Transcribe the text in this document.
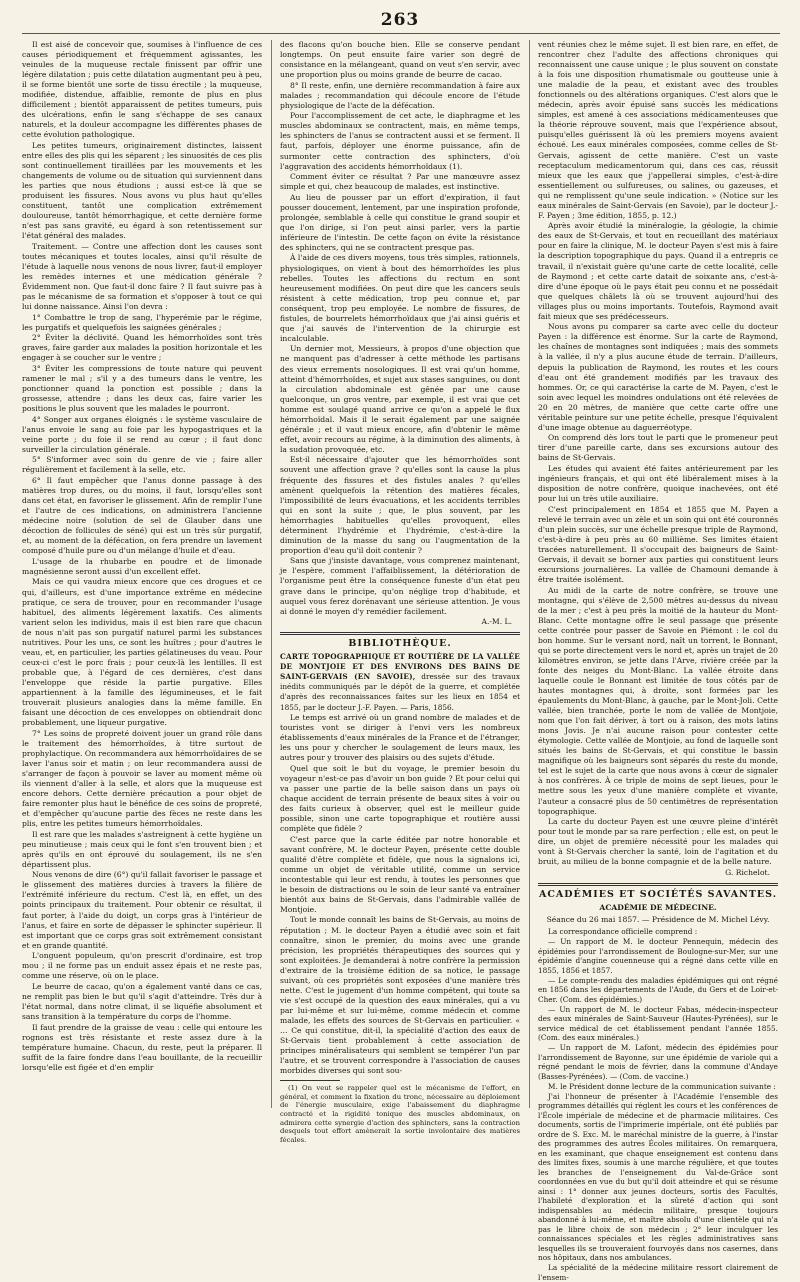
263

Il est aisé de concevoir que, soumises à l'influence de ces causes périodiquement et fréquemment agissantes, les veinules de la muqueuse rectale finissent par offrir une légère dilatation ; puis cette dilatation augmentant peu à peu, il se forme bientôt une sorte de tissu érectile ; la muqueuse, modifiée, distendue, affaiblie, remonte de plus en plus difficilement ; bientôt apparaissent de petites tumeurs, puis des ulcérations, enfin le sang s'échappe de ses canaux naturels, et la douleur accompagne les différentes phases de cette évolution pathologique.

Les petites tumeurs, originairement distinctes, laissent entre elles des plis qui les séparent ; les sinuosités de ces plis sont continuellement tiraillées par les mouvements et les changements de volume ou de situation qui surviennent dans les parties que nous étudions ; aussi est-ce là que se produisent les fissures. Nous avons vu plus haut qu'elles constituent, tantôt une complication extrêmement douloureuse, tantôt hémorrhagique, et cette dernière forme n'est pas sans gravité, eu égard à son retentissement sur l'état général des malades.

Traitement. — Contre une affection dont les causes sont toutes mécaniques et toutes locales, ainsi qu'il résulte de l'étude à laquelle nous venons de nous livrer, faut-il employer les remèdes internes et une médication générale ? Évidemment non. Que faut-il donc faire ? Il faut suivre pas à pas le mécanisme de sa formation et s'opposer à tout ce qui lui donne naissance. Ainsi l'on devra :

1° Combattre le trop de sang, l'hyperémie par le régime, les purgatifs et quelquefois les saignées générales ;

2° Éviter la déclivité. Quand les hémorrhoïdes sont très graves, faire garder aux malades la position horizontale et les engager à se coucher sur le ventre ;

3° Éviter les compressions de toute nature qui peuvent ramener le mal ; s'il y a des tumeurs dans le ventre, les ponctionner quand la ponction est possible ; dans la grossesse, attendre ; dans les deux cas, faire varier les positions le plus souvent que les malades le pourront.

4° Songer aux organes éloignés : le système vasculaire de l'anus envoie le sang au foie par les hypogastriques et la veine porte ; du foie il se rend au cœur ; il faut donc surveiller la circulation générale.

5° S'informer avec soin du genre de vie ; faire aller régulièrement et facilement à la selle, etc.

6° Il faut empêcher que l'anus donne passage à des matières trop dures, ou du moins, il faut, lorsqu'elles sont dans cet état, en favoriser le glissement. Afin de remplir l'une et l'autre de ces indications, on administrera l'ancienne médecine noire (solution de sel de Glauber dans une décoction de follicules de séné) qui est un très sûr purgatif, et, au moment de la défécation, on fera prendre un lavement composé d'huile pure ou d'un mélange d'huile et d'eau.

L'usage de la rhubarbe en poudre et de limonade magnésienne seront aussi d'un excellent effet.

Mais ce qui vaudra mieux encore que ces drogues et ce qui, d'ailleurs, est d'une importance extrême en médecine pratique, ce sera de trouver, pour en recommander l'usage habituel, des aliments légèrement laxatifs. Ces aliments varient selon les individus, mais il est bien rare que chacun de nous n'ait pas son purgatif naturel parmi les substances nutritives. Pour les uns, ce sont les huîtres ; pour d'autres le veau, et, en particulier, les parties gélatineuses du veau. Pour ceux-ci c'est le porc frais ; pour ceux-là les lentilles. Il est probable que, à l'égard de ces dernières, c'est dans l'enveloppe que réside la partie purgative. Elles appartiennent à la famille des légumineuses, et le fait trouverait plusieurs analogies dans la même famille. En faisant une décoction de ces enveloppes on obtiendrait donc probablement, une liqueur purgative.

7° Les soins de propreté doivent jouer un grand rôle dans le traitement des hémorrhoïdes, à titre surtout de prophylactique. On recommandera aux hémorrhoïdaires de se laver l'anus soir et matin ; on leur recommandera aussi de s'arranger de façon à pouvoir se laver au moment même où ils viennent d'aller à la selle, et alors que la muqueuse est encore dehors. Cette dernière précaution a pour objet de faire remonter plus haut le bénéfice de ces soins de propreté, et d'empêcher qu'aucune partie des fèces ne reste dans les plis, entre les petites tumeurs hémorrhoïdales.

Il est rare que les malades s'astreignent à cette hygiène un peu minutieuse ; mais ceux qui le font s'en trouvent bien ; et après qu'ils en ont éprouvé du soulagement, ils ne s'en départissent plus.

Nous venons de dire (6°) qu'il fallait favoriser le passage et le glissement des matières durcies à travers la filière de l'extrémité inférieure du rectum. C'est là, en effet, un des points principaux du traitement. Pour obtenir ce résultat, il faut porter, à l'aide du doigt, un corps gras à l'intérieur de l'anus, et faire en sorte de dépasser le sphincter supérieur. Il est important que ce corps gras soit extrêmement consistant et en grande quantité.

L'onguent populeum, qu'on prescrit d'ordinaire, est trop mou ; il ne forme pas un enduit assez épais et ne reste pas, comme une réserve, où on le place.

Le beurre de cacao, qu'on a également vanté dans ce cas, ne remplit pas bien le but qu'il s'agit d'atteindre. Très dur à l'état normal, dans notre climat, il se liquéfie absolument et sans transition à la température du corps de l'homme.

Il faut prendre de la graisse de veau : celle qui entoure les rognons est très résistante et reste assez dure à la température humaine. Chacun, du reste, peut la préparer. Il suffit de la faire fondre dans l'eau bouillante, de la recueillir lorsqu'elle est figée et d'en emplir

des flacons qu'on bouche bien. Elle se conserve pendant longtemps. On peut ensuite faire varier son degré de consistance en la mélangeant, quand on veut s'en servir, avec une proportion plus ou moins grande de beurre de cacao.

8° Il reste, enfin, une dernière recommandation à faire aux malades ; recommandation qui découle encore de l'étude physiologique de l'acte de la défécation.

Pour l'accomplissement de cet acte, le diaphragme et les muscles abdominaux se contractent, mais, en même temps, les sphincters de l'anus se contractent aussi et se ferment. Il faut, parfois, déployer une énorme puissance, afin de surmonter cette contraction des sphincters, d'où l'aggravation des accidents hémorrhoïdaux (1).

Comment éviter ce résultat ? Par une manœuvre assez simple et qui, chez beaucoup de malades, est instinctive.

Au lieu de pousser par un effort d'expiration, il faut pousser doucement, lentement, par une inspiration profonde, prolongée, semblable à celle qui constitue le grand soupir et que l'on dirige, si l'on peut ainsi parler, vers la partie inférieure de l'intestin. De cette façon on évite la résistance des sphincters, qui ne se contractent presque pas.

À l'aide de ces divers moyens, tous très simples, rationnels, physiologiques, on vient à bout des hémorrhoïdes les plus rebelles. Toutes les affections du rectum en sont heureusement modifiées. On peut dire que les cancers seuls résistent à cette médication, trop peu connue et, par conséquent, trop peu employée. Le nombre de fissures, de fistules, de bourrelets hémorrhoïdaux que j'ai ainsi guéris et que j'ai sauvés de l'intervention de la chirurgie est incalculable.

Un dernier mot, Messieurs, à propos d'une objection que ne manquent pas d'adresser à cette méthode les partisans des vieux errements nosologiques. Il est vrai qu'un homme, atteint d'hémorrhoïdes, et sujet aux stases sanguines, ou dont la circulation abdominale est gênée par une cause quelconque, un gros ventre, par exemple, il est vrai que cet homme est soulagé quand arrive ce qu'on a appelé le flux hémorrhoïdal. Mais il le serait également par une saignée générale ; et il vaut mieux encore, afin d'obtenir le même effet, avoir recours au régime, à la diminution des aliments, à la sudation provoquée, etc.

Est-il nécessaire d'ajouter que les hémorrhoïdes sont souvent une affection grave ? qu'elles sont la cause la plus fréquente des fissures et des fistules anales ? qu'elles amènent quelquefois la rétention des matières fécales, l'impossibilité de leurs évacuations, et les accidents terribles qui en sont la suite ; que, le plus souvent, par les hémorrhagies habituelles qu'elles provoquent, elles déterminent l'hydrémie et l'hydrémie, c'est-à-dire la diminution de la masse du sang ou l'augmentation de la proportion d'eau qu'il doit contenir ?

Sans que j'insiste davantage, vous comprenez maintenant, je l'espère, comment l'affaiblissement, la détérioration de l'organisme peut être la conséquence funeste d'un état peu grave dans le principe, qu'on néglige trop d'habitude, et auquel vous ferez dorénavant une sérieuse attention. Je vous ai donné le moyen d'y remédier facilement.

A.-M. L.

BIBLIOTHÈQUE.

CARTE TOPOGRAPHIQUE ET ROUTIÈRE DE LA VALLÉE DE MONTJOIE ET DES ENVIRONS DES BAINS DE SAINT-GERVAIS (EN SAVOIE), dressée sur des travaux inédits communiqués par le dépôt de la guerre, et complétée d'après des reconnaissances faites sur les lieux en 1854 et 1855, par le docteur J.-F. Payen. — Paris, 1856.

Le temps est arrivé où un grand nombre de malades et de touristes vont se diriger à l'envi vers les nombreux établissements d'eaux minérales de la France et de l'étranger, les uns pour y chercher le soulagement de leurs maux, les autres pour y trouver des plaisirs ou des sujets d'étude.

Quel que soit le but du voyage, le premier besoin du voyageur n'est-ce pas d'avoir un bon guide ? Et pour celui qui va passer une partie de la belle saison dans un pays où chaque accident de terrain présente de beaux sites à voir ou des faits curieux à observer, quel est le meilleur guide possible, sinon une carte topographique et routière aussi complète que fidèle ?

C'est parce que la carte éditée par notre honorable et savant confrère, M. le docteur Payen, présente cette double qualité d'être complète et fidèle, que nous la signalons ici, comme un objet de véritable utilité, comme un service incontestable qui leur est rendu, à toutes les personnes que le besoin de distractions ou le soin de leur santé va entraîner bientôt aux bains de St-Gervais, dans l'admirable vallée de Montjoie.

Tout le monde connaît les bains de St-Gervais, au moins de réputation ; M. le docteur Payen a étudié avec soin et fait connaître, sinon le premier, du moins avec une grande précision, les propriétés thérapeutiques des sources qui y sont exploitées. Je demanderai à notre confrère la permission d'extraire de la troisième édition de sa notice, le passage suivant, où ces propriétés sont exposées d'une manière très nette. C'est le jugement d'un homme compétent, qui toute sa vie s'est occupé de la question des eaux minérales, qui a vu par lui-même et sur lui-même, comme médecin et comme malade, les effets des sources de St-Gervais en particulier. « … Ce qui constitue, dit-il, la spécialité d'action des eaux de St-Gervais tient probablement à cette association de principes minéralisateurs qui semblent se tempérer l'un par l'autre, et se trouvent correspondre à l'association de causes morbides diverses qui sont sou-

(1) On veut se rappeler quel est le mécanisme de l'effort, en général, et comment la fixation du tronc, nécessaire au déploiement de l'énergie musculaire, exige l'abaissement du diaphragme contracté et la rigidité tonique des muscles abdominaux, on admirera cette synergie d'action des sphincters, sans la contraction desquels tout effort amènerait la sortie involontaire des matières fécales.

vent réunies chez le même sujet. Il est bien rare, en effet, de rencontrer chez l'adulte des affections chroniques qui reconnaissent une cause unique ; le plus souvent on constate à la fois une disposition rhumatismale ou goutteuse unie à une maladie de la peau, et existant avec des troubles fonctionnels ou des altérations organiques. C'est alors que le médecin, après avoir épuisé sans succès les médications simples, est amené à ces associations médicamenteuses que la théorie réprouve souvent, mais que l'expérience absout, puisqu'elles guérissent là où les premiers moyens avaient échoué. Les eaux minérales composées, comme celles de St-Gervais, agissent de cette manière. C'est un vaste receptaculum medicamentorum qui, dans ces cas, réussit mieux que les eaux que j'appellerai simples, c'est-à-dire essentiellement ou sulfureuses, ou salines, ou gazeuses, et qui ne remplissent qu'une seule indication. » (Notice sur les eaux minérales de Saint-Gervais (en Savoie), par le docteur J.-F. Payen ; 3me édition, 1855, p. 12.)

Après avoir étudié la minéralogie, la géologie, la chimie des eaux de St-Gervais, et tout en recueillant des matériaux pour en faire la clinique, M. le docteur Payen s'est mis à faire la description topographique du pays. Quand il a entrepris ce travail, il n'existait guère qu'une carte de cette localité, celle de Raymond ; et cette carte datait de soixante ans, c'est-à-dire d'une époque où le pays était peu connu et ne possédait que quelques châlets là où se trouvent aujourd'hui des villages plus ou moins importants. Toutefois, Raymond avait fait mieux que ses prédécesseurs.

Nous avons pu comparer sa carte avec celle du docteur Payen : la différence est énorme. Sur la carte de Raymond, les chaînes de montagnes sont indiquées ; mais des sommets à la vallée, il n'y a plus aucune étude de terrain. D'ailleurs, depuis la publication de Raymond, les routes et les cours d'eau ont été grandement modifiés par les travaux des hommes. Or, ce qui caractérise la carte de M. Payen, c'est le soin avec lequel les moindres ondulations ont été relevées de 20 en 20 mètres, de manière que cette carte offre une véritable peinture sur une petite échelle, presque l'équivalent d'une image obtenue au daguerréotype.

On comprend dès lors tout le parti que le promeneur peut tirer d'une pareille carte, dans ses excursions autour des bains de St-Gervais.

Les études qui avaient été faites antérieurement par les ingénieurs français, et qui ont été libéralement mises à la disposition de notre confrère, quoique inachevées, ont été pour lui un très utile auxiliaire.

C'est principalement en 1854 et 1855 que M. Payen a relevé le terrain avec un zèle et un soin qui ont été couronnés d'un plein succès, sur une échelle presque triple de Raymond, c'est-à-dire à peu près au 60 millième. Ses limites étaient tracées naturellement. Il s'occupait des baigneurs de Saint-Gervais, il devait se borner aux parties qui constituent leurs excursions journalières. La vallée de Chamouni demande à être traitée isolément.

Au midi de la carte de notre confrère, se trouve une montagne, qui s'élève de 2,500 mètres au-dessus du niveau de la mer ; c'est à peu près la moitié de la hauteur du Mont-Blanc. Cette montagne offre le seul passage que présente cette contrée pour passer de Savoie en Piémont : le col du bon homme. Sur le versant nord, naît un torrent, le Bonnant, qui se porte directement vers le nord et, après un trajet de 20 kilomètres environ, se jette dans l'Arve, rivière créée par la fonte des neiges du Mont-Blanc. La vallée étroite dans laquelle coule le Bonnant est limitée de tous côtés par de hautes montagnes qui, à droite, sont formées par les épaulements du Mont-Blanc, à gauche, par le Mont-Joli. Cette vallée, bien tranchée, porte le nom de vallée de Montjoie, nom que l'on fait dériver, à tort ou à raison, des mots latins mons Jovis. Je n'ai aucune raison pour contester cette étymologie. Cette vallée de Montjoie, au fond de laquelle sont situés les bains de St-Gervais, et qui constitue le bassin magnifique où les baigneurs sont séparés du reste du monde, tel est le sujet de la carte que nous avons à cœur de signaler à nos confrères. À ce triple de moins de sept lieues, pour le mettre sous les yeux d'une manière complète et vivante, l'auteur a consacré plus de 50 centimètres de représentation topographique.

La carte du docteur Payen est une œuvre pleine d'intérêt pour tout le monde par sa rare perfection ; elle est, on peut le dire, un objet de première nécessité pour les malades qui vont à St-Gervais chercher la santé, loin de l'agitation et du bruit, au milieu de la bonne compagnie et de la belle nature.

G. Richelot.

ACADÉMIES ET SOCIÉTÉS SAVANTES.
ACADÉMIE DE MÉDECINE.
Séance du 26 mai 1857. — Présidence de M. Michel Lévy.

La correspondance officielle comprend :

— Un rapport de M. le docteur Pennequin, médecin des épidémies pour l'arrondissement de Boulogne-sur-Mer, sur une épidémie d'angine couenneuse qui a régné dans cette ville en 1855, 1856 et 1857.

— Le compte-rendu des maladies épidémiques qui ont régné en 1856 dans les départements de l'Aude, du Gers et de Loir-et-Cher. (Com. des épidémies.)

— Un rapport de M. le docteur Fabas, médecin-inspecteur des eaux minérales de Saint-Sauveur (Hautes-Pyrénées), sur le service médical de cet établissement pendant l'année 1855. (Com. des eaux minérales.)

— Un rapport de M. Lafont, médecin des épidémies pour l'arrondissement de Bayonne, sur une épidémie de variole qui a régné pendant le mois de février, dans la commune d'Andaye (Basses-Pyrénées). — (Com. de vaccine.)

M. le Président donne lecture de la communication suivante :

J'ai l'honneur de présenter à l'Académie l'ensemble des programmes détaillés qui règlent les cours et les conférences de l'École impériale de médecine et de pharmacie militaires. Ces documents, sortis de l'imprimerie impériale, ont été publiés par ordre de S. Exc. M. le maréchal ministre de la guerre, à l'instar des programmes des autres Écoles militaires. On remarquera, en les examinant, que chaque enseignement est contenu dans des limites fixes, soumis à une marche régulière, et que toutes les branches de l'enseignement du Val-de-Grâce sont coordonnées en vue du but qu'il doit atteindre et qui se résume ainsi : 1° donner aux jeunes docteurs, sortis des Facultés, l'habileté d'exploration et la sûreté d'action qui sont indispensables au médecin militaire, presque toujours abandonné à lui-même, et maître absolu d'une clientèle qui n'a pas le libre choix de son médecin ; 2° leur inculquer les connaissances spéciales et les règles administratives sans lesquelles ils se trouveraient fourvoyés dans nos casernes, dans nos hôpitaux, dans nos ambulances.

La spécialité de la médecine militaire ressort clairement de l'ensem-
